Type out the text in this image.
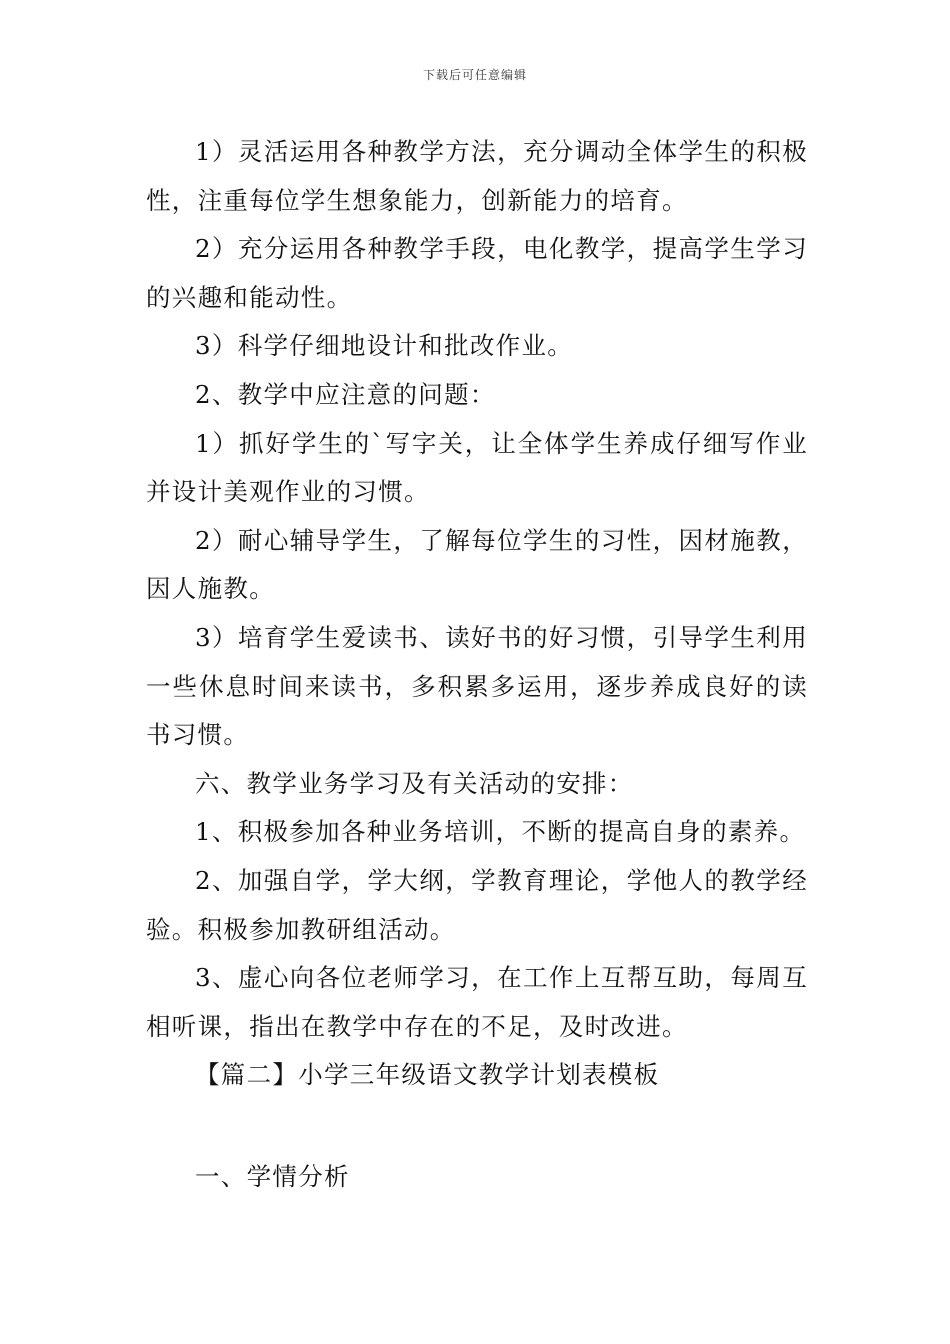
下载后可任意编辑

1）灵活运用各种教学方法，充分调动全体学生的积极性，注重每位学生想象能力，创新能力的培育。

2）充分运用各种教学手段，电化教学，提高学生学习的兴趣和能动性。

3）科学仔细地设计和批改作业。

2、教学中应注意的问题：

1）抓好学生的`写字关，让全体学生养成仔细写作业并设计美观作业的习惯。

2）耐心辅导学生，了解每位学生的习性，因材施教，因人施教。

3）培育学生爱读书、读好书的好习惯，引导学生利用一些休息时间来读书，多积累多运用，逐步养成良好的读书习惯。

六、教学业务学习及有关活动的安排：

1、积极参加各种业务培训，不断的提高自身的素养。

2、加强自学，学大纲，学教育理论，学他人的教学经验。积极参加教研组活动。

3、虚心向各位老师学习，在工作上互帮互助，每周互相听课，指出在教学中存在的不足，及时改进。

【篇二】小学三年级语文教学计划表模板

一、学情分析
